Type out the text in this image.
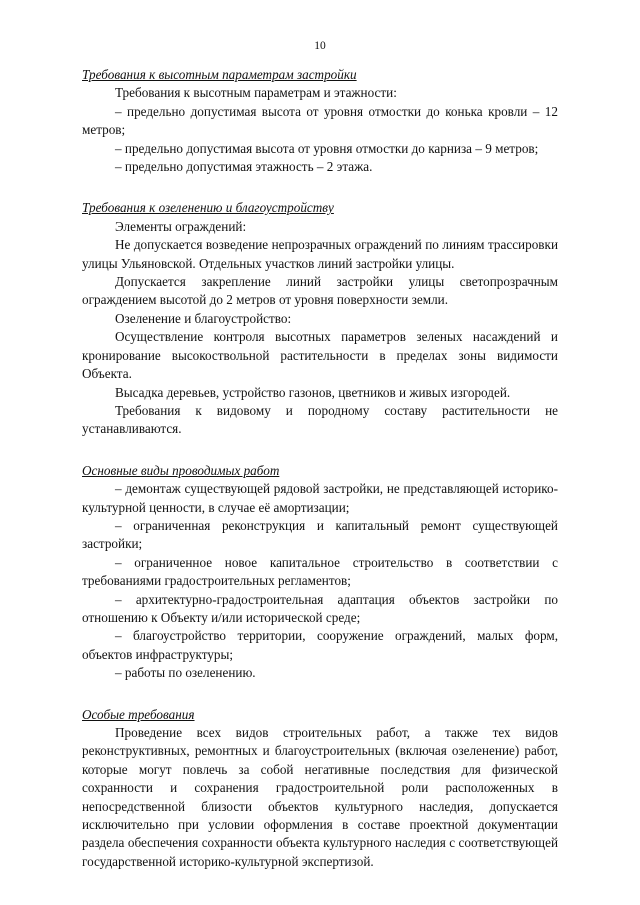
10

Требования к высотным параметрам застройки

Требования к высотным параметрам и этажности:

– предельно допустимая высота от уровня отмостки до конька кровли – 12 метров;

– предельно допустимая высота от уровня отмостки до карниза – 9 метров;

– предельно допустимая этажность – 2 этажа.

Требования к озеленению и благоустройству

Элементы ограждений:

Не допускается возведение непрозрачных ограждений по линиям трассировки улицы Ульяновской. Отдельных участков линий застройки улицы.

Допускается закрепление линий застройки улицы светопрозрачным ограждением высотой до 2 метров от уровня поверхности земли.

Озеленение и благоустройство:

Осуществление контроля высотных параметров зеленых насаждений и кронирование высокоствольной растительности в пределах зоны видимости Объекта.

Высадка деревьев, устройство газонов, цветников и живых изгородей.

Требования к видовому и породному составу растительности не устанавливаются.

Основные виды проводимых работ

– демонтаж существующей рядовой застройки, не представляющей историко-культурной ценности, в случае её амортизации;

– ограниченная реконструкция и капитальный ремонт существующей застройки;

– ограниченное новое капитальное строительство в соответствии с требованиями градостроительных регламентов;

– архитектурно-градостроительная адаптация объектов застройки по отношению к Объекту и/или исторической среде;

– благоустройство территории, сооружение ограждений, малых форм, объектов инфраструктуры;

– работы по озеленению.

Особые требования

Проведение всех видов строительных работ, а также тех видов реконструктивных, ремонтных и благоустроительных (включая озеленение) работ, которые могут повлечь за собой негативные последствия для физической сохранности и сохранения градостроительной роли расположенных в непосредственной близости объектов культурного наследия, допускается исключительно при условии оформления в составе проектной документации раздела обеспечения сохранности объекта культурного наследия с соответствующей государственной историко-культурной экспертизой.
